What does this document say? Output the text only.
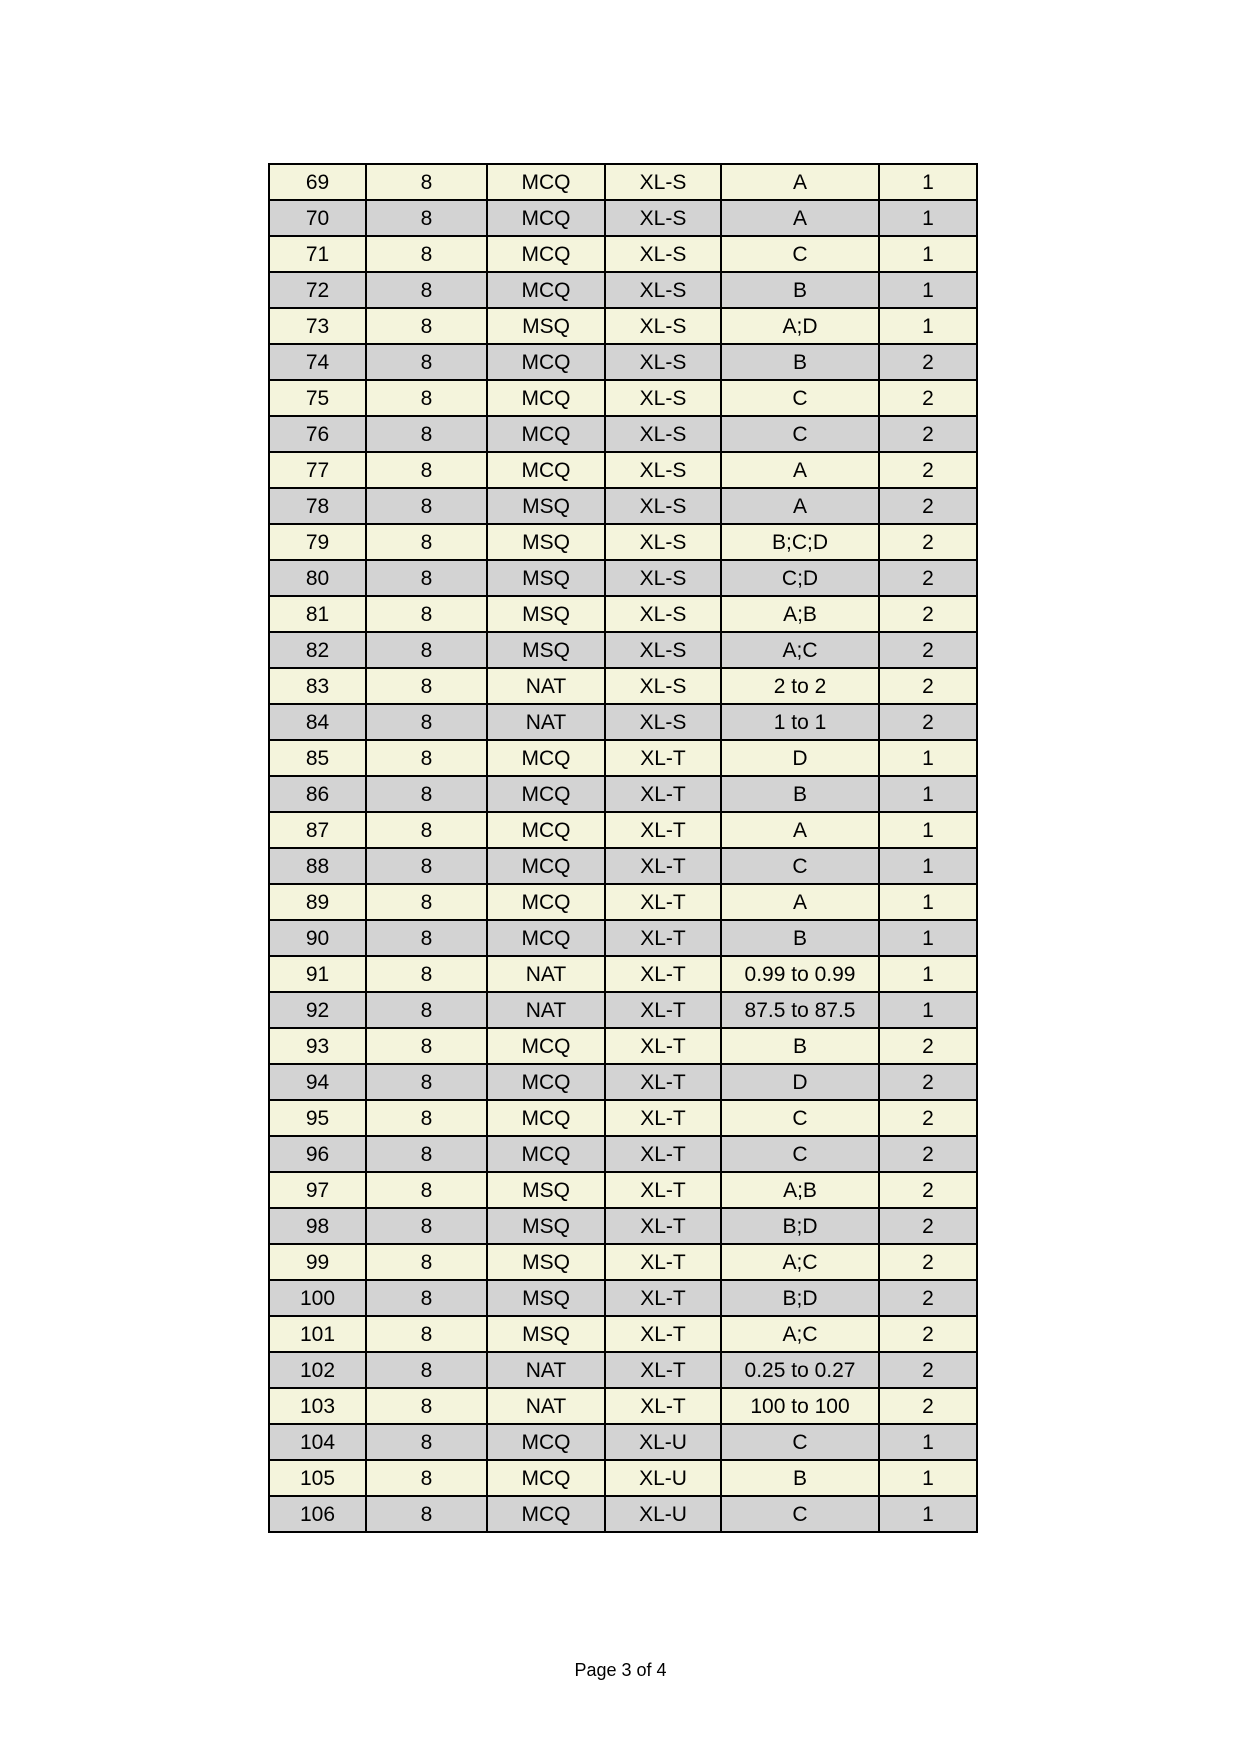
69	8	MCQ	XL-S	A	1
70	8	MCQ	XL-S	A	1
71	8	MCQ	XL-S	C	1
72	8	MCQ	XL-S	B	1
73	8	MSQ	XL-S	A;D	1
74	8	MCQ	XL-S	B	2
75	8	MCQ	XL-S	C	2
76	8	MCQ	XL-S	C	2
77	8	MCQ	XL-S	A	2
78	8	MSQ	XL-S	A	2
79	8	MSQ	XL-S	B;C;D	2
80	8	MSQ	XL-S	C;D	2
81	8	MSQ	XL-S	A;B	2
82	8	MSQ	XL-S	A;C	2
83	8	NAT	XL-S	2 to 2	2
84	8	NAT	XL-S	1 to 1	2
85	8	MCQ	XL-T	D	1
86	8	MCQ	XL-T	B	1
87	8	MCQ	XL-T	A	1
88	8	MCQ	XL-T	C	1
89	8	MCQ	XL-T	A	1
90	8	MCQ	XL-T	B	1
91	8	NAT	XL-T	0.99 to 0.99	1
92	8	NAT	XL-T	87.5 to 87.5	1
93	8	MCQ	XL-T	B	2
94	8	MCQ	XL-T	D	2
95	8	MCQ	XL-T	C	2
96	8	MCQ	XL-T	C	2
97	8	MSQ	XL-T	A;B	2
98	8	MSQ	XL-T	B;D	2
99	8	MSQ	XL-T	A;C	2
100	8	MSQ	XL-T	B;D	2
101	8	MSQ	XL-T	A;C	2
102	8	NAT	XL-T	0.25 to 0.27	2
103	8	NAT	XL-T	100 to 100	2
104	8	MCQ	XL-U	C	1
105	8	MCQ	XL-U	B	1
106	8	MCQ	XL-U	C	1
Page 3 of 4
